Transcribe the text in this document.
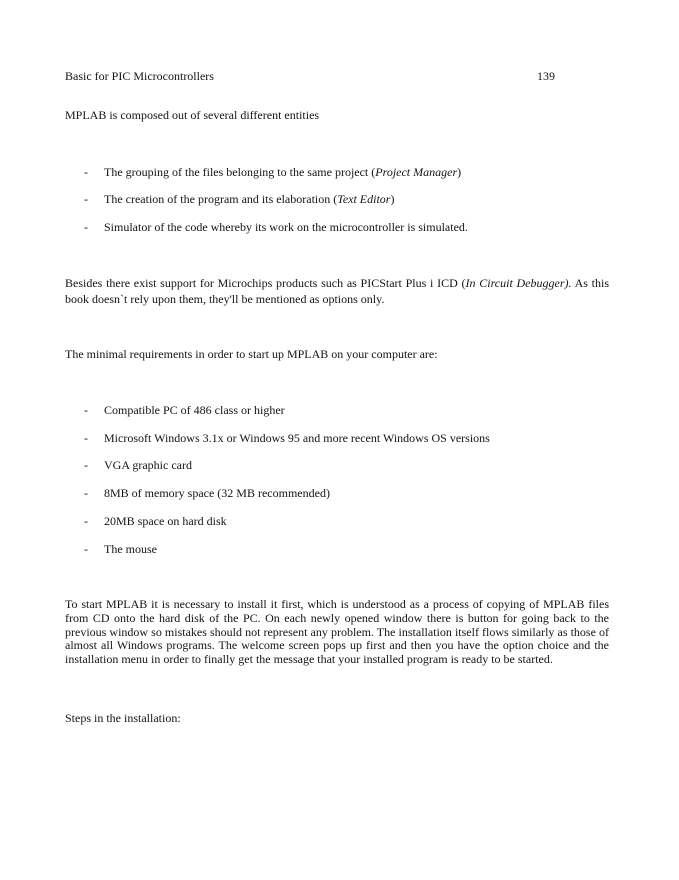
Basic for PIC Microcontrollers	139

MPLAB is composed out of several different entities

- The grouping of the files belonging to the same project (Project Manager)
- The creation of the program and its elaboration (Text Editor)
- Simulator of the code whereby its work on the microcontroller is simulated.

Besides there exist support for Microchips products such as PICStart Plus i ICD (In Circuit Debugger). As this book doesn`t rely upon them, they'll be mentioned as options only.

The minimal requirements in order to start up MPLAB on your computer are:

- Compatible PC of 486 class or higher
- Microsoft Windows 3.1x or Windows 95 and more recent Windows OS versions
- VGA graphic card
- 8MB of memory space (32 MB recommended)
- 20MB space on hard disk
- The mouse

To start MPLAB it is necessary to install it first, which is understood as a process of copying of MPLAB files from CD onto the hard disk of the PC. On each newly opened window there is button for going back to the previous window so mistakes should not represent any problem. The installation itself flows similarly as those of almost all Windows programs. The welcome screen pops up first and then you have the option choice and the installation menu in order to finally get the message that your installed program is ready to be started.

Steps in the installation:
